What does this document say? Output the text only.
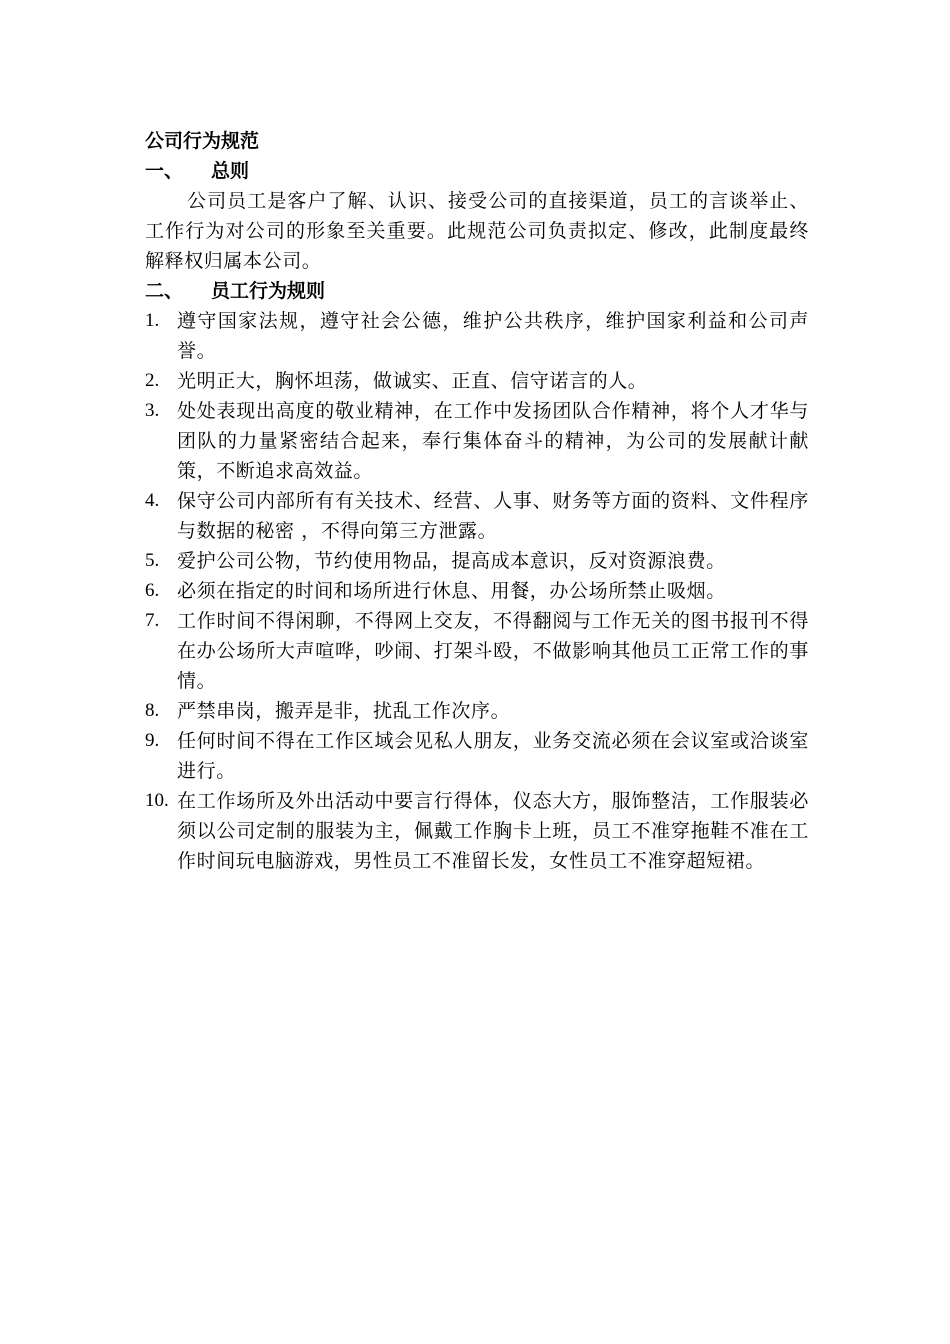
公司行为规范
一、	总则

公司员工是客户了解、认识、接受公司的直接渠道，员工的言谈举止、工作行为对公司的形象至关重要。此规范公司负责拟定、修改，此制度最终解释权归属本公司。

二、	员工行为规则
1. 遵守国家法规，遵守社会公德，维护公共秩序，维护国家利益和公司声誉。
2. 光明正大，胸怀坦荡，做诚实、正直、信守诺言的人。
3. 处处表现出高度的敬业精神，在工作中发扬团队合作精神，将个人才华与团队的力量紧密结合起来，奉行集体奋斗的精神，为公司的发展献计献策，不断追求高效益。
4. 保守公司内部所有有关技术、经营、人事、财务等方面的资料、文件程序与数据的秘密 ，不得向第三方泄露。
5. 爱护公司公物，节约使用物品，提高成本意识，反对资源浪费。
6. 必须在指定的时间和场所进行休息、用餐，办公场所禁止吸烟。
7. 工作时间不得闲聊，不得网上交友，不得翻阅与工作无关的图书报刊不得在办公场所大声喧哗，吵闹、打架斗殴，不做影响其他员工正常工作的事情。
8. 严禁串岗，搬弄是非，扰乱工作次序。
9. 任何时间不得在工作区域会见私人朋友，业务交流必须在会议室或洽谈室进行。
10. 在工作场所及外出活动中要言行得体，仪态大方，服饰整洁，工作服装必须以公司定制的服装为主，佩戴工作胸卡上班，员工不准穿拖鞋不准在工作时间玩电脑游戏，男性员工不准留长发，女性员工不准穿超短裙。
